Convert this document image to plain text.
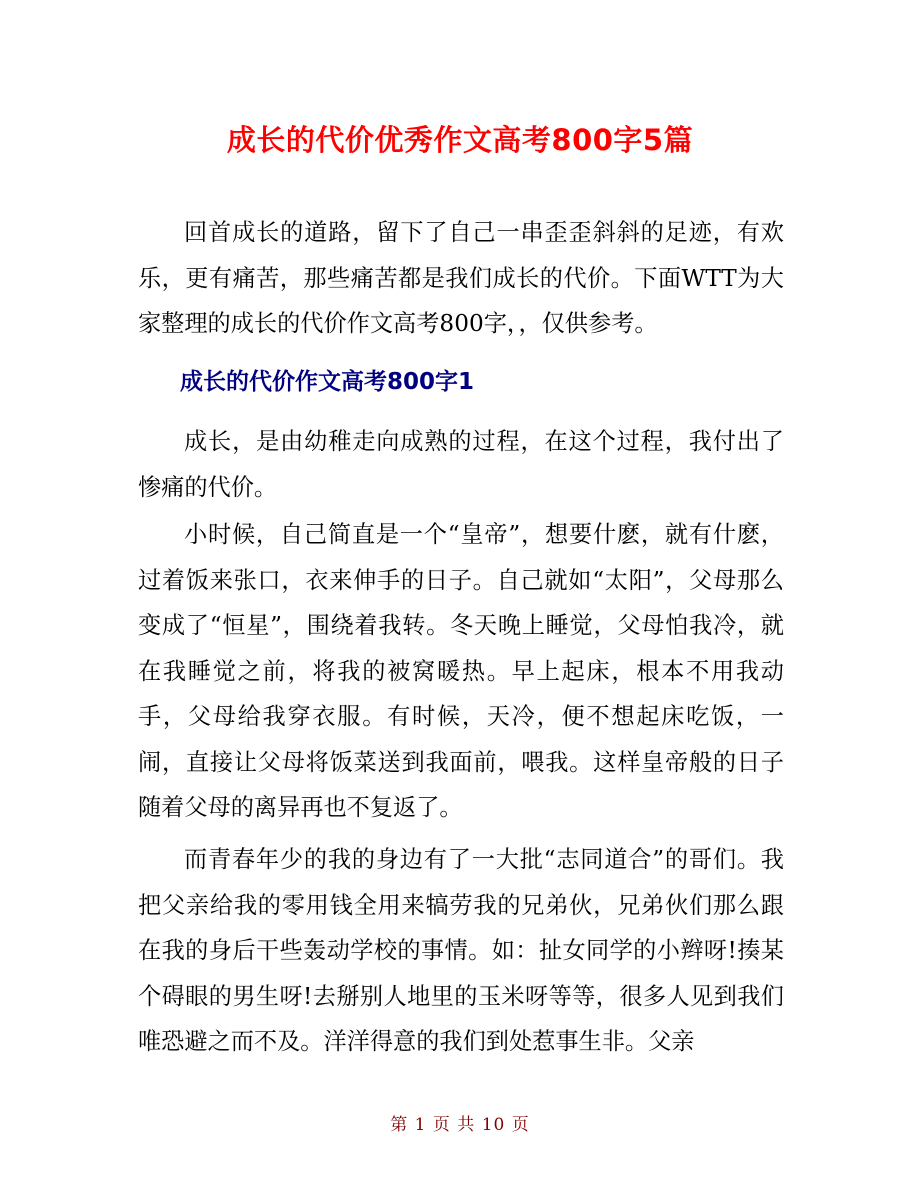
成长的代价优秀作文高考800字5篇

回首成长的道路，留下了自己一串歪歪斜斜的足迹，有欢乐，更有痛苦，那些痛苦都是我们成长的代价。下面WTT为大家整理的成长的代价作文高考800字，，仅供参考。

成长的代价作文高考800字1

成长，是由幼稚走向成熟的过程，在这个过程，我付出了惨痛的代价。

小时候，自己简直是一个“皇帝”，想要什麽，就有什麽，过着饭来张口，衣来伸手的日子。自己就如“太阳”，父母那么变成了“恒星”，围绕着我转。冬天晚上睡觉，父母怕我冷，就在我睡觉之前，将我的被窝暖热。早上起床，根本不用我动手，父母给我穿衣服。有时候，天冷，便不想起床吃饭，一闹，直接让父母将饭菜送到我面前，喂我。这样皇帝般的日子随着父母的离异再也不复返了。

而青春年少的我的身边有了一大批“志同道合”的哥们。我把父亲给我的零用钱全用来犒劳我的兄弟伙，兄弟伙们那么跟在我的身后干些轰动学校的事情。如：扯女同学的小辫呀!揍某个碍眼的男生呀!去掰别人地里的玉米呀等等，很多人见到我们唯恐避之而不及。洋洋得意的我们到处惹事生非。父亲

第 1 页 共 10 页
